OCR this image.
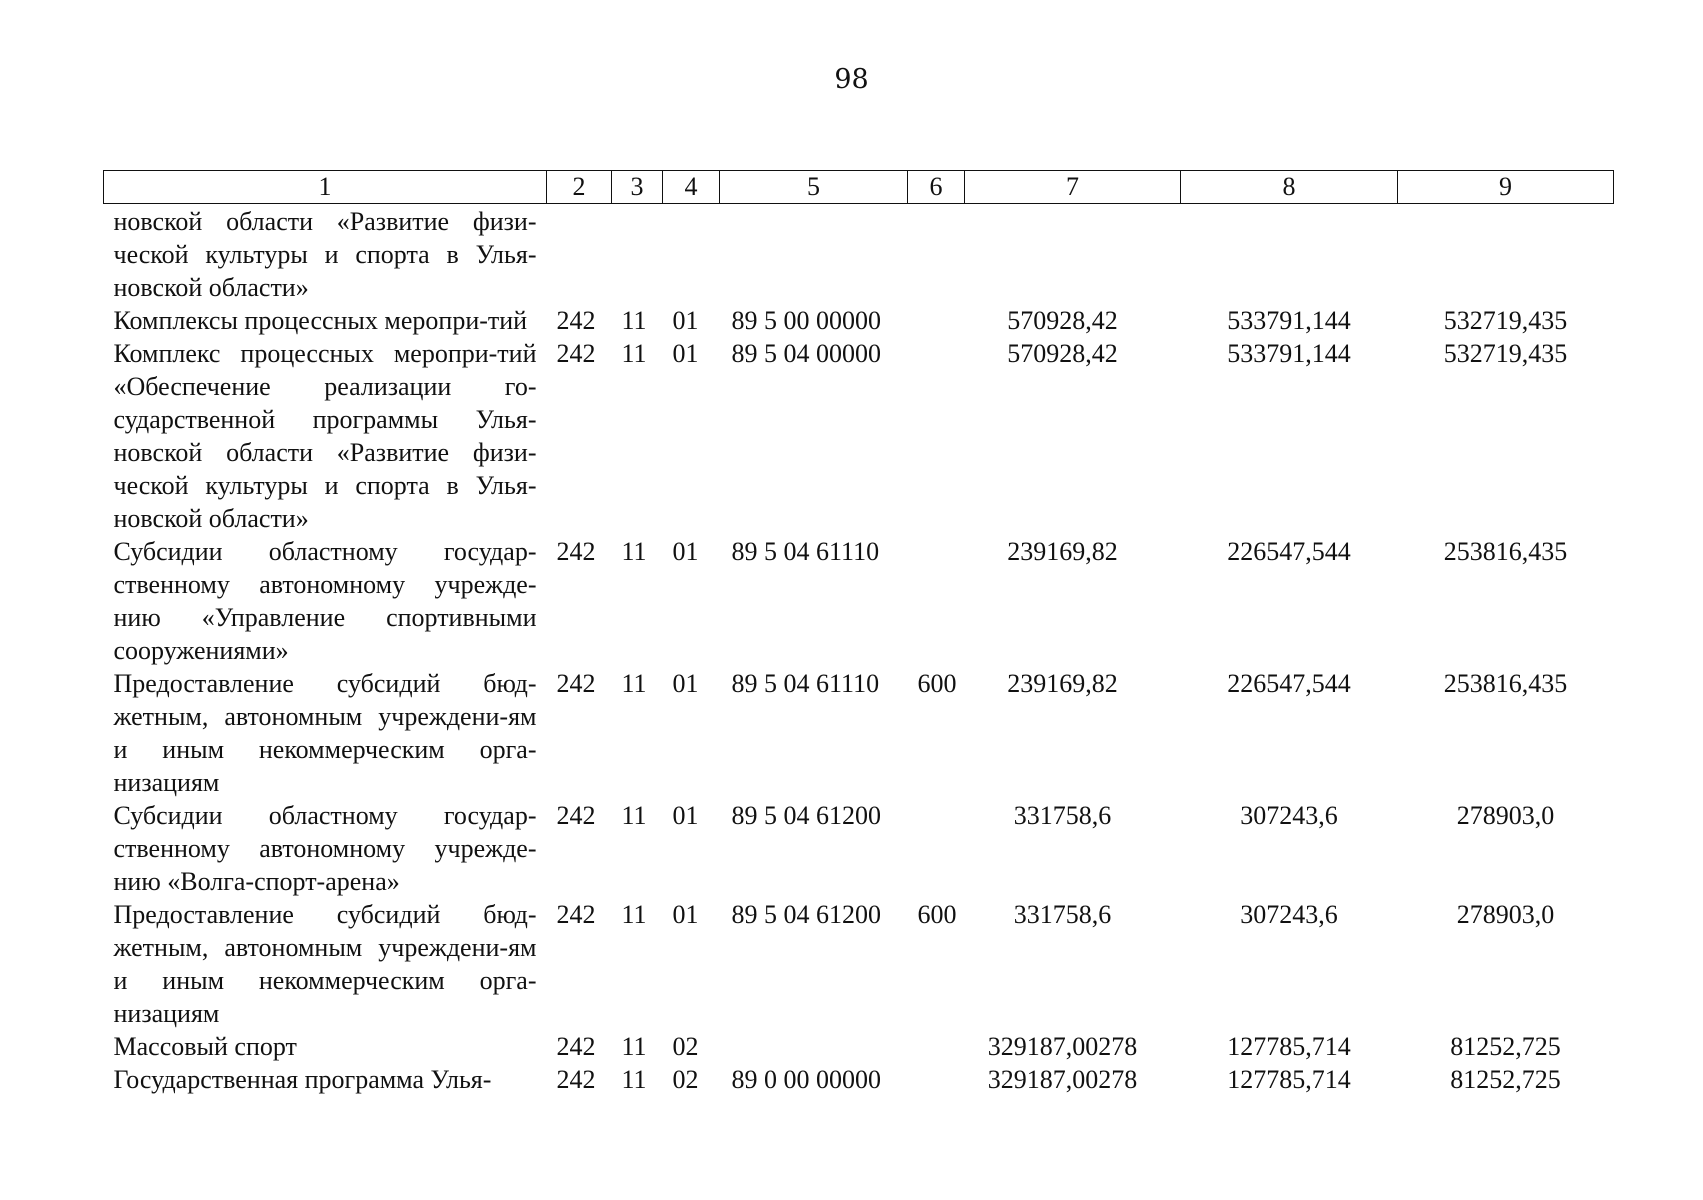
98
1	2	3	4	5	6	7	8	9
новской области «Развитие физи-ческой культуры и спорта в Улья-новской области»								
Комплексы процессных меропри-тий	242	11	01	89 5 00 00000		570928,42	533791,144	532719,435
Комплекс процессных меропри-тий «Обеспечение реализации го-сударственной программы Улья-новской области «Развитие физи-ческой культуры и спорта в Улья-новской области»	242	11	01	89 5 04 00000		570928,42	533791,144	532719,435
Субсидии областному государ-ственному автономному учрежде-нию «Управление спортивными сооружениями»	242	11	01	89 5 04 61110		239169,82	226547,544	253816,435
Предоставление субсидий бюд-жетным, автономным учреждени-ям и иным некоммерческим орга-низациям	242	11	01	89 5 04 61110	600	239169,82	226547,544	253816,435
Субсидии областному государ-ственному автономному учрежде-нию «Волга-спорт-арена»	242	11	01	89 5 04 61200		331758,6	307243,6	278903,0
Предоставление субсидий бюд-жетным, автономным учреждени-ям и иным некоммерческим орга-низациям	242	11	01	89 5 04 61200	600	331758,6	307243,6	278903,0
Массовый спорт	242	11	02			329187,00278	127785,714	81252,725
Государственная программа Улья-	242	11	02	89 0 00 00000		329187,00278	127785,714	81252,725
